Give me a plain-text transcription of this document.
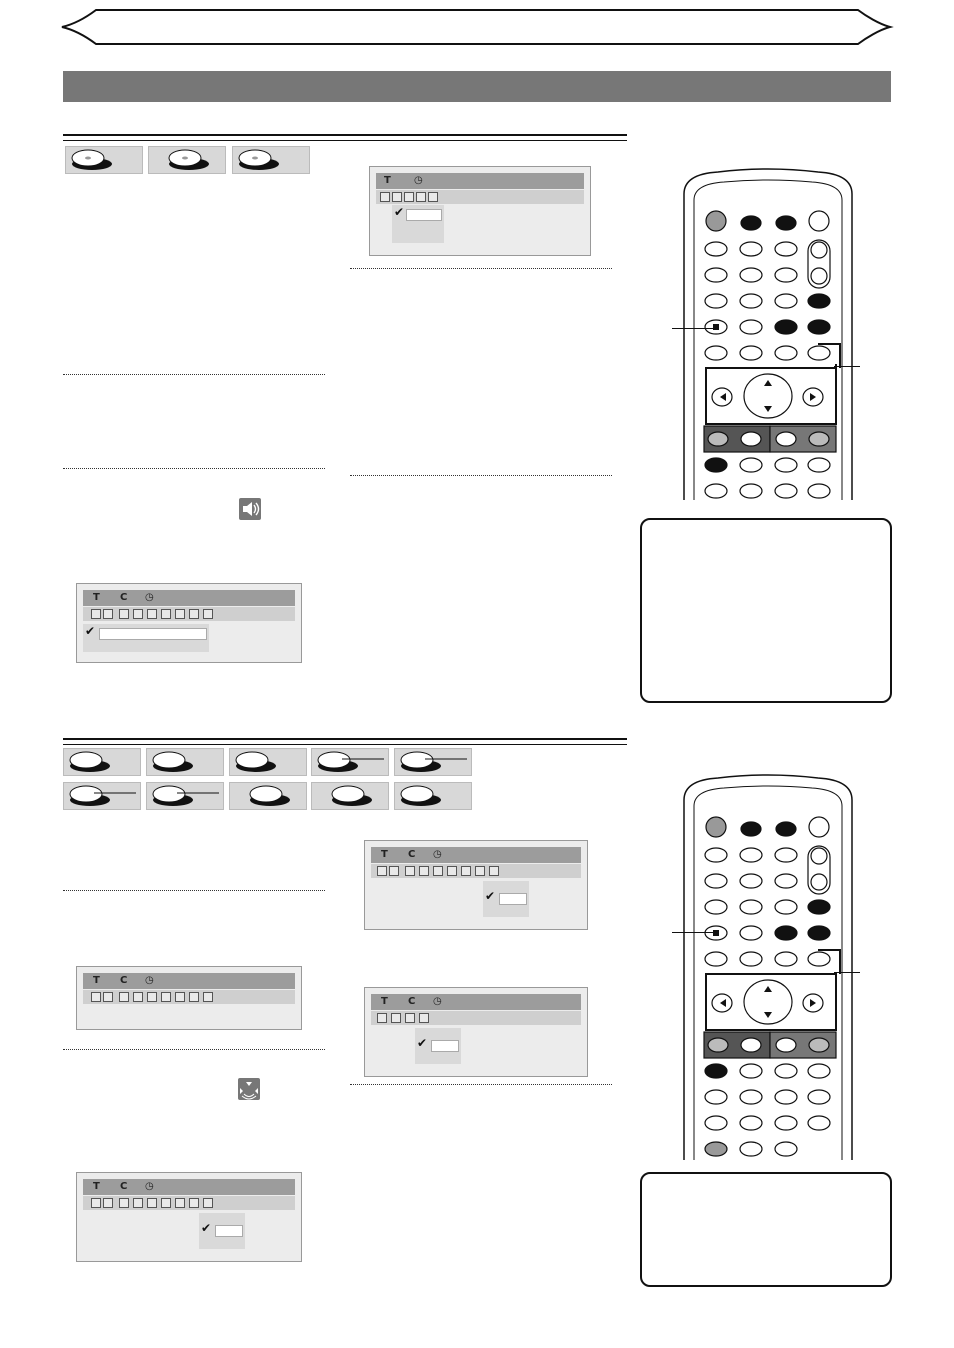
T ◷
✔
T C ◷
✔
T C ◷
✔
T C ◷
✔
T C ◷
T C ◷
✔
